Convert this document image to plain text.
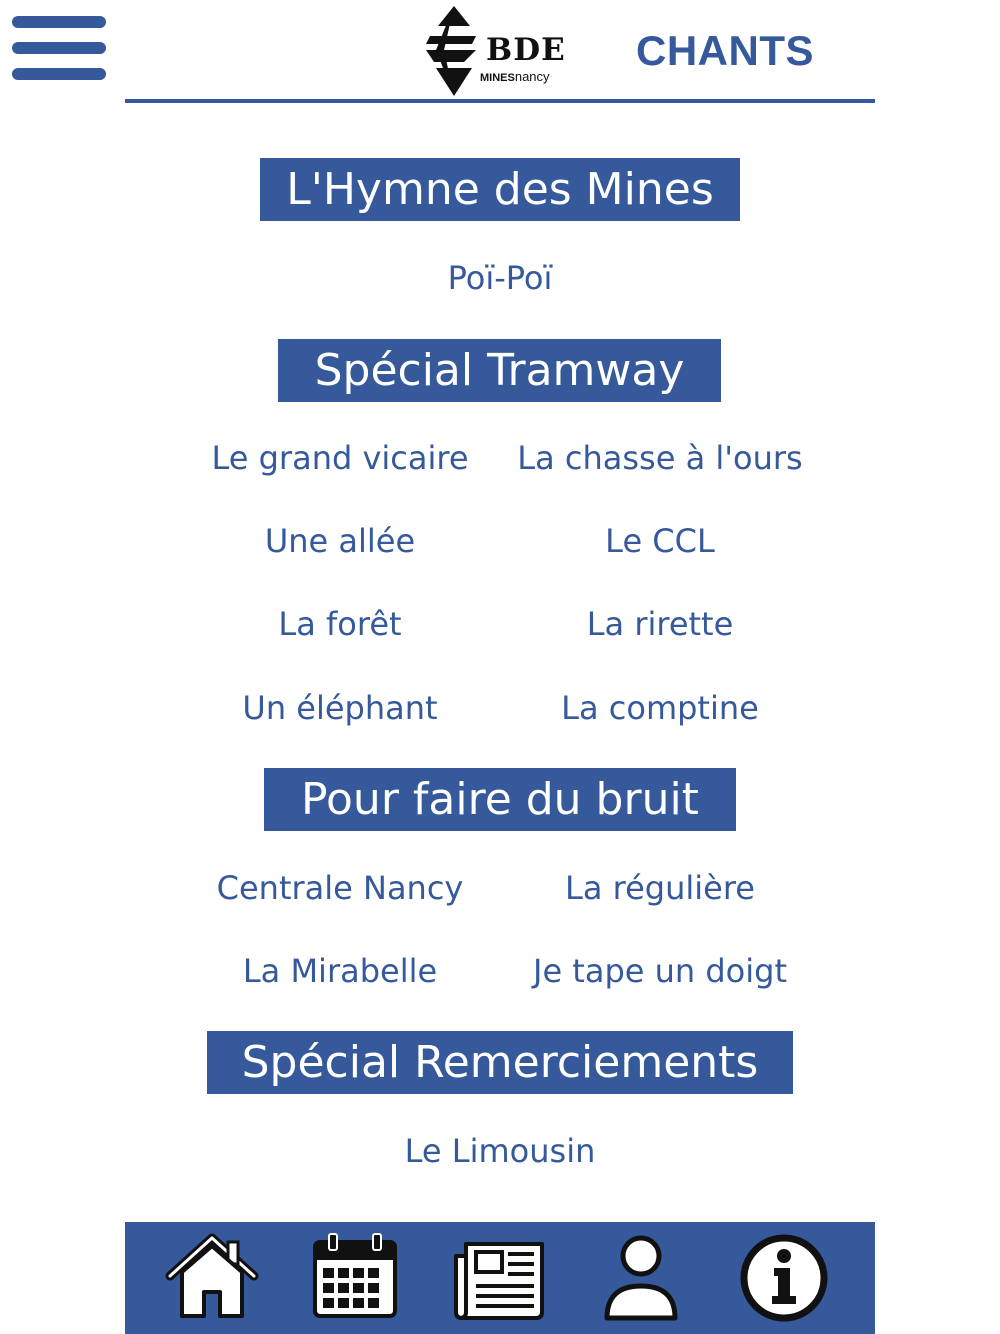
BDE
MINESnancy
CHANTS
L'Hymne des Mines
Poï-Poï
Spécial Tramway
Le grand vicaire	La chasse à l'ours
Une allée	Le CCL
La forêt	La rirette
Un éléphant	La comptine
Pour faire du bruit
Centrale Nancy	La régulière
La Mirabelle	Je tape un doigt
Spécial Remerciements
Le Limousin
